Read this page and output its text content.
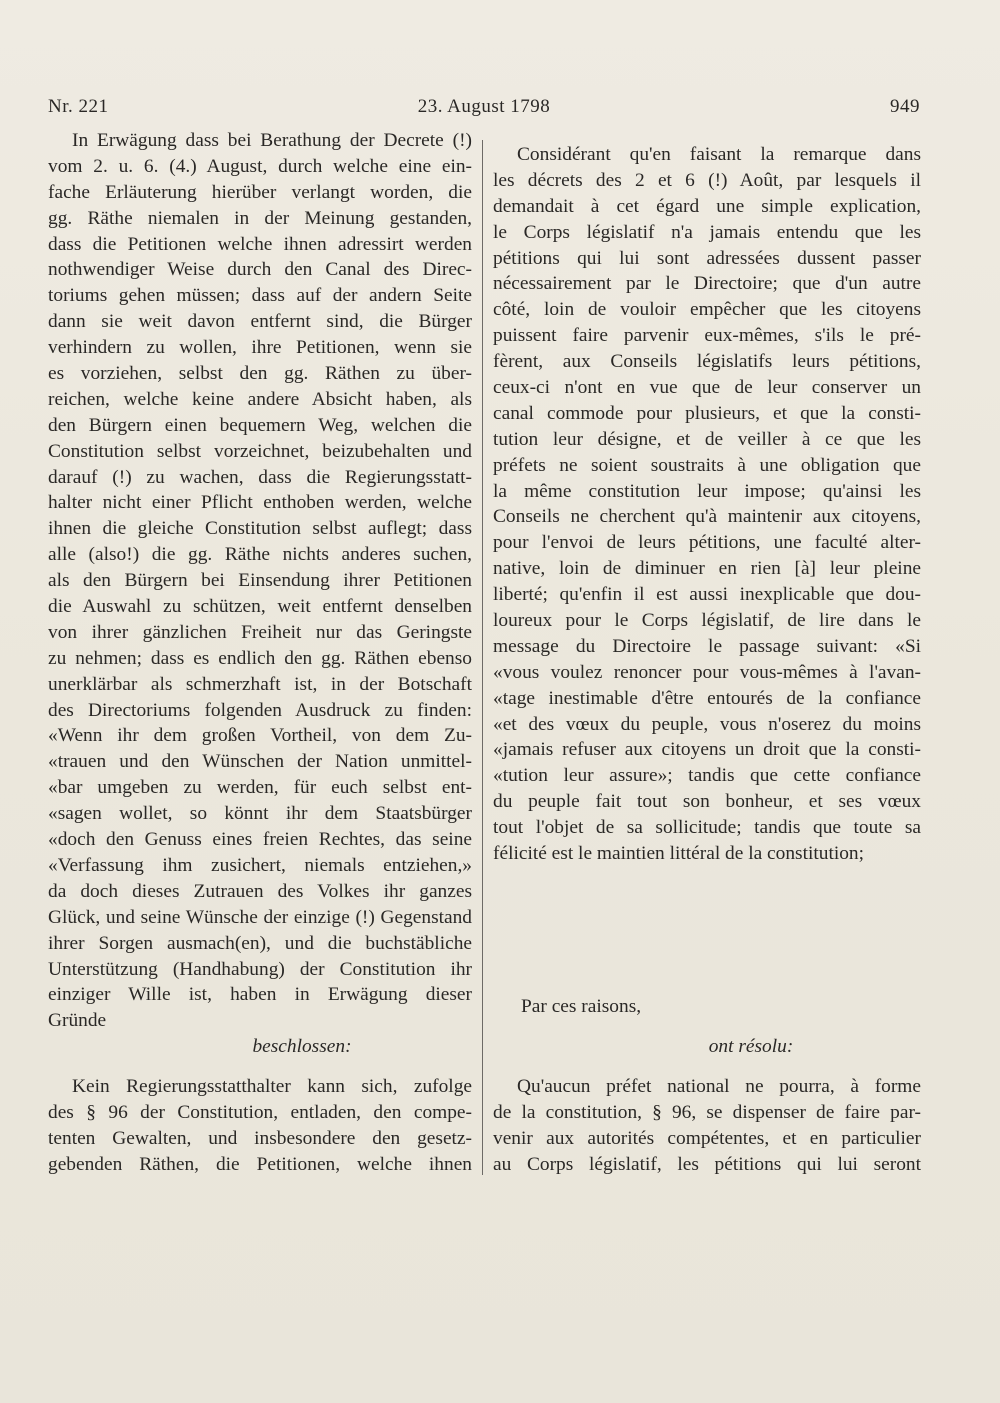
Nr. 221	23. August 1798	949
In Erwägung dass bei Berathung der Decrete (!)
vom 2. u. 6. (4.) August, durch welche eine ein-
fache Erläuterung hierüber verlangt worden, die
gg. Räthe niemalen in der Meinung gestanden,
dass die Petitionen welche ihnen adressirt werden
nothwendiger Weise durch den Canal des Direc-
toriums gehen müssen; dass auf der andern Seite
dann sie weit davon entfernt sind, die Bürger
verhindern zu wollen, ihre Petitionen, wenn sie
es vorziehen, selbst den gg. Räthen zu über-
reichen, welche keine andere Absicht haben, als
den Bürgern einen bequemern Weg, welchen die
Constitution selbst vorzeichnet, beizubehalten und
darauf (!) zu wachen, dass die Regierungsstatt-
halter nicht einer Pflicht enthoben werden, welche
ihnen die gleiche Constitution selbst auflegt; dass
alle (also!) die gg. Räthe nichts anderes suchen,
als den Bürgern bei Einsendung ihrer Petitionen
die Auswahl zu schützen, weit entfernt denselben
von ihrer gänzlichen Freiheit nur das Geringste
zu nehmen; dass es endlich den gg. Räthen ebenso
unerklärbar als schmerzhaft ist, in der Botschaft
des Directoriums folgenden Ausdruck zu finden:
«Wenn ihr dem großen Vortheil, von dem Zu-
«trauen und den Wünschen der Nation unmittel-
«bar umgeben zu werden, für euch selbst ent-
«sagen wollet, so könnt ihr dem Staatsbürger
«doch den Genuss eines freien Rechtes, das seine
«Verfassung ihm zusichert, niemals entziehen,»
da doch dieses Zutrauen des Volkes ihr ganzes
Glück, und seine Wünsche der einzige (!) Gegenstand
ihrer Sorgen ausmach(en), und die buchstäbliche
Unterstützung (Handhabung) der Constitution ihr
einziger Wille ist, haben in Erwägung dieser
Gründe
Considérant qu'en faisant la remarque dans
les décrets des 2 et 6 (!) Août, par lesquels il
demandait à cet égard une simple explication,
le Corps législatif n'a jamais entendu que les
pétitions qui lui sont adressées dussent passer
nécessairement par le Directoire; que d'un autre
côté, loin de vouloir empêcher que les citoyens
puissent faire parvenir eux-mêmes, s'ils le pré-
fèrent, aux Conseils législatifs leurs pétitions,
ceux-ci n'ont en vue que de leur conserver un
canal commode pour plusieurs, et que la consti-
tution leur désigne, et de veiller à ce que les
préfets ne soient soustraits à une obligation que
la même constitution leur impose; qu'ainsi les
Conseils ne cherchent qu'à maintenir aux citoyens,
pour l'envoi de leurs pétitions, une faculté alter-
native, loin de diminuer en rien [à] leur pleine
liberté; qu'enfin il est aussi inexplicable que dou-
loureux pour le Corps législatif, de lire dans le
message du Directoire le passage suivant: «Si
«vous voulez renoncer pour vous-mêmes à l'avan-
«tage inestimable d'être entourés de la confiance
«et des vœux du peuple, vous n'oserez du moins
«jamais refuser aux citoyens un droit que la consti-
«tution leur assure»; tandis que cette confiance
du peuple fait tout son bonheur, et ses vœux
tout l'objet de sa sollicitude; tandis que toute sa
félicité est le maintien littéral de la constitution;
Par ces raisons,
beschlossen:	ont résolu:
Kein Regierungsstatthalter kann sich, zufolge
des § 96 der Constitution, entladen, den compe-
tenten Gewalten, und insbesondere den gesetz-
gebenden Räthen, die Petitionen, welche ihnen
Qu'aucun préfet national ne pourra, à forme
de la constitution, § 96, se dispenser de faire par-
venir aux autorités compétentes, et en particulier
au Corps législatif, les pétitions qui lui seront
